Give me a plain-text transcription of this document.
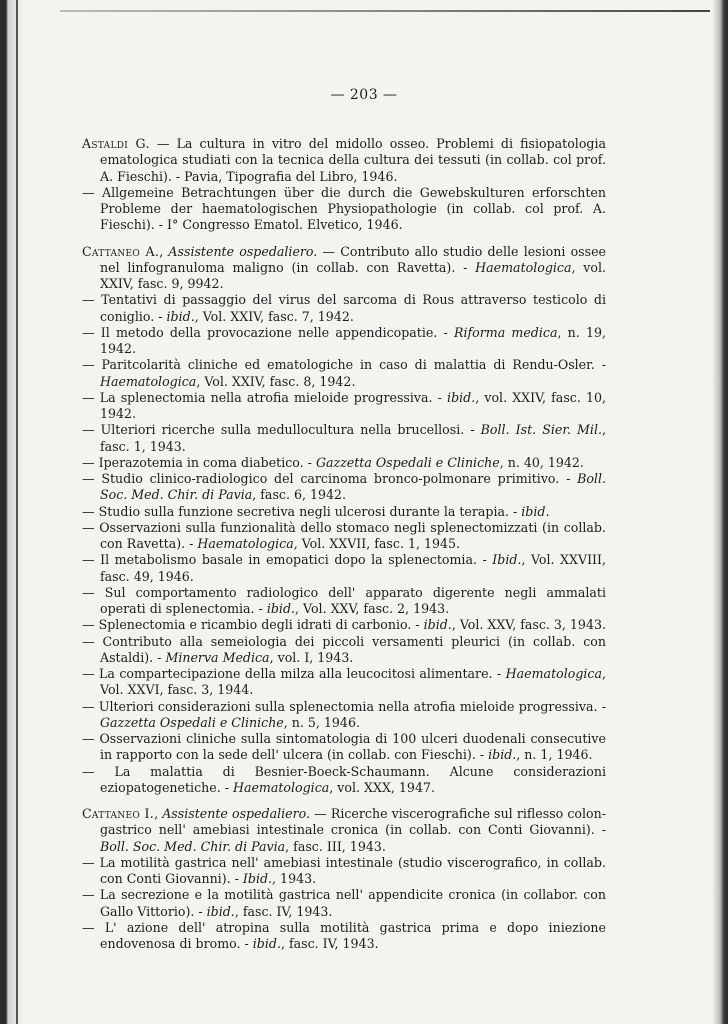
— 203 —

Astaldi G. — La cultura in vitro del midollo osseo. Problemi di fisiopatologia ematologica studiati con la tecnica della cultura dei tessuti (in collab. col prof. A. Fieschi). - Pavia, Tipografia del Libro, 1946.

— Allgemeine Betrachtungen über die durch die Gewebskulturen erforschten Probleme der haematologischen Physiopathologie (in collab. col prof. A. Fieschi). - I° Congresso Ematol. Elvetico, 1946.

Cattaneo A., Assistente ospedaliero. — Contributo allo studio delle lesioni ossee nel linfogranuloma maligno (in collab. con Ravetta). - Haematologica, vol. XXIV, fasc. 9, 9942.

— Tentativi di passaggio del virus del sarcoma di Rous attraverso testicolo di coniglio. - ibid., Vol. XXIV, fasc. 7, 1942.

— Il metodo della provocazione nelle appendicopatie. - Riforma medica, n. 19, 1942.

— Paritcolarità cliniche ed ematologiche in caso di malattia di Rendu-Osler. - Haematologica, Vol. XXIV, fasc. 8, 1942.

— La splenectomia nella atrofia mieloide progressiva. - ibid., vol. XXIV, fasc. 10, 1942.

— Ulteriori ricerche sulla medullocultura nella brucellosi. - Boll. Ist. Sier. Mil., fasc. 1, 1943.

— Iperazotemia in coma diabetico. - Gazzetta Ospedali e Cliniche, n. 40, 1942.

— Studio clinico-radiologico del carcinoma bronco-polmonare primitivo. - Boll. Soc. Med. Chir. di Pavia, fasc. 6, 1942.

— Studio sulla funzione secretiva negli ulcerosi durante la terapia. - ibid.

— Osservazioni sulla funzionalità dello stomaco negli splenectomizzati (in collab. con Ravetta). - Haematologica, Vol. XXVII, fasc. 1, 1945.

— Il metabolismo basale in emopatici dopo la splenectomia. - Ibid., Vol. XXVIII, fasc. 49, 1946.

— Sul comportamento radiologico dell' apparato digerente negli ammalati operati di splenectomia. - ibid., Vol. XXV, fasc. 2, 1943.

— Splenectomia e ricambio degli idrati di carbonio. - ibid., Vol. XXV, fasc. 3, 1943.

— Contributo alla semeiologia dei piccoli versamenti pleurici (in collab. con Astaldi). - Minerva Medica, vol. I, 1943.

— La compartecipazione della milza alla leucocitosi alimentare. - Haematologica, Vol. XXVI, fasc. 3, 1944.

— Ulteriori considerazioni sulla splenectomia nella atrofia mieloide progressiva. - Gazzetta Ospedali e Cliniche, n. 5, 1946.

— Osservazioni cliniche sulla sintomatologia di 100 ulceri duodenali consecutive in rapporto con la sede dell' ulcera (in collab. con Fieschi). - ibid., n. 1, 1946.

— La malattia di Besnier-Boeck-Schaumann. Alcune considerazioni eziopatogenetiche. - Haematologica, vol. XXX, 1947.

Cattaneo I., Assistente ospedaliero. — Ricerche viscerografiche sul riflesso colon-gastrico nell' amebiasi intestinale cronica (in collab. con Conti Giovanni). - Boll. Soc. Med. Chir. di Pavia, fasc. III, 1943.

— La motilità gastrica nell' amebiasi intestinale (studio viscerografico, in collab. con Conti Giovanni). - Ibid., 1943.

— La secrezione e la motilità gastrica nell' appendicite cronica (in collabor. con Gallo Vittorio). - ibid., fasc. IV, 1943.

— L' azione dell' atropina sulla motilità gastrica prima e dopo iniezione endovenosa di bromo. - ibid., fasc. IV, 1943.
